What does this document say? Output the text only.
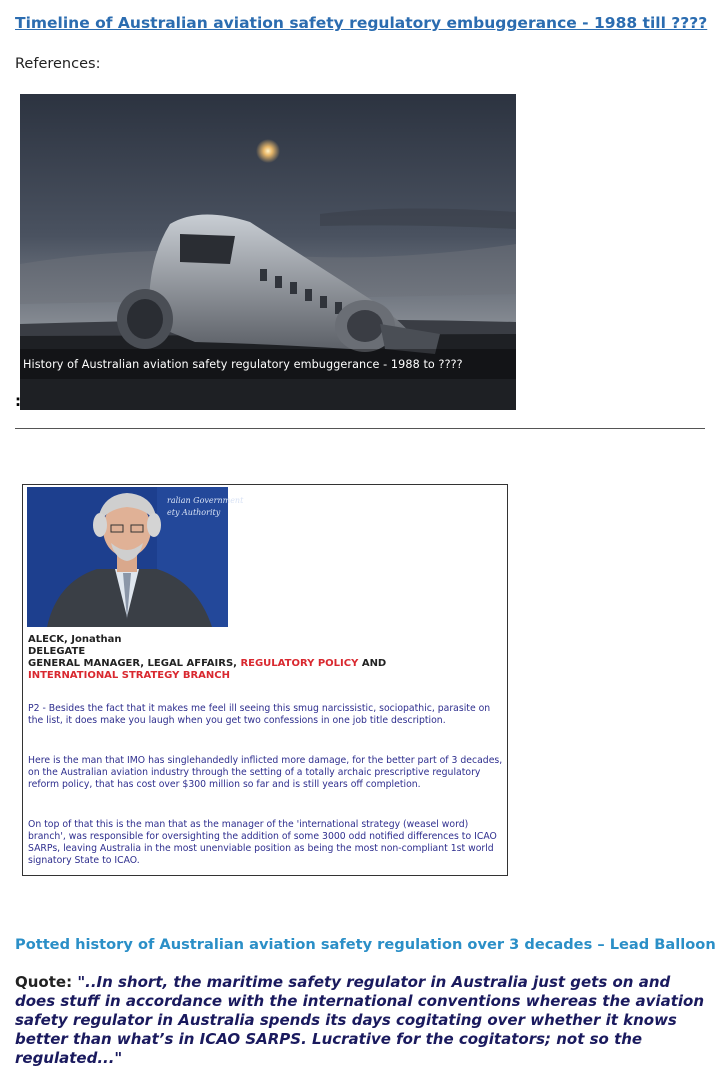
Timeline of Australian aviation safety regulatory embuggerance - 1988 till ????
References:
History of Australian aviation safety regulatory embuggerance - 1988 to ????
:
ralian Government
ety Authority
ALECK, Jonathan
DELEGATE
GENERAL MANAGER, LEGAL AFFAIRS, REGULATORY POLICY AND
INTERNATIONAL STRATEGY BRANCH
P2 - Besides the fact that it makes me feel ill seeing this smug narcissistic, sociopathic, parasite on the list, it does make you laugh when you get two confessions in one job title description.
Here is the man that IMO has singlehandedly inflicted more damage, for the better part of 3 decades, on the Australian aviation industry through the setting of a totally archaic prescriptive regulatory reform policy, that has cost over $300 million so far and is still years off completion.
On top of that this is the man that as the manager of the 'international strategy (weasel word) branch', was responsible for oversighting the addition of some 3000 odd notified differences to ICAO SARPs, leaving Australia in the most unenviable position as being the most non-compliant 1st world signatory State to ICAO.
Potted history of Australian aviation safety regulation over 3 decades – Lead Balloon
Quote: "..In short, the maritime safety regulator in Australia just gets on and does stuff in accordance with the international conventions whereas the aviation safety regulator in Australia spends its days cogitating over whether it knows better than what’s in ICAO SARPS. Lucrative for the cogitators; not so the regulated..."
